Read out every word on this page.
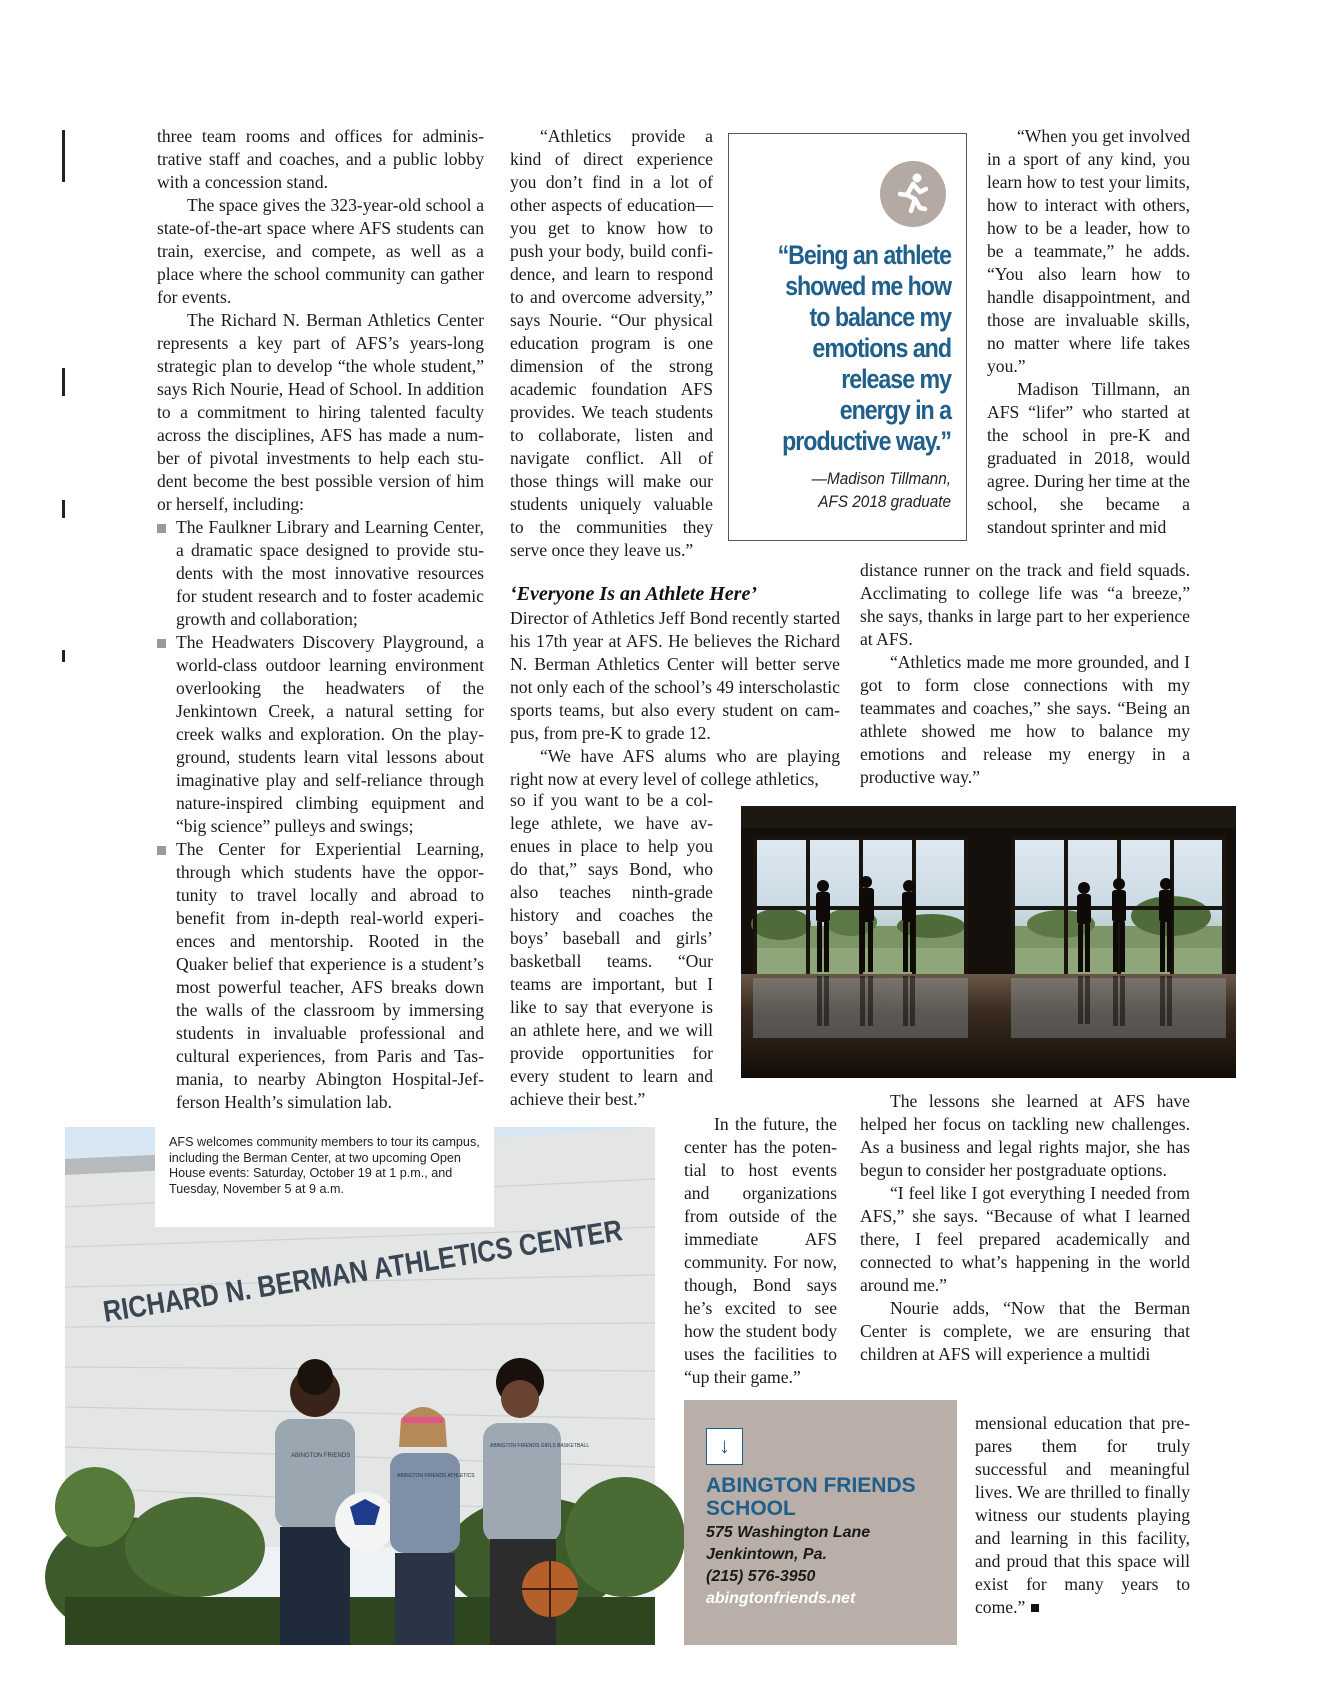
three team rooms and offices for administrative staff and coaches, and a public lobby with a concession stand.

The space gives the 323-year-old school a state-of-the-art space where AFS students can train, exercise, and compete, as well as a place where the school community can gather for events.

The Richard N. Berman Athletics Center represents a key part of AFS’s years-long strategic plan to develop “the whole student,” says Rich Nourie, Head of School. In addition to a commitment to hiring talented faculty across the disciplines, AFS has made a number of pivotal investments to help each student become the best possible version of him or herself, including:

The Faulkner Library and Learning Center, a dramatic space designed to provide students with the most innovative resources for student research and to foster academic growth and collaboration;
The Headwaters Discovery Playground, a world-class outdoor learning environment overlooking the headwaters of the Jenkintown Creek, a natural setting for creek walks and exploration. On the playground, students learn vital lessons about imaginative play and self-reliance through nature-inspired climbing equipment and “big science” pulleys and swings;
The Center for Experiential Learning, through which students have the opportunity to travel locally and abroad to benefit from in-depth real-world experiences and mentorship. Rooted in the Quaker belief that experience is a student’s most powerful teacher, AFS breaks down the walls of the classroom by immersing students in invaluable professional and cultural experiences, from Paris and Tasmania, to nearby Abington Hospital-Jefferson Health’s simulation lab.

“Athletics provide a kind of direct experience you don’t find in a lot of other aspects of education—you get to know how to push your body, build confidence, and learn to respond to and overcome adversity,” says Nourie. “Our physical education program is one dimension of the strong academic foundation AFS provides. We teach students to collaborate, listen and navigate conflict. All of those things will make our students uniquely valuable to the communities they serve once they leave us.”

‘Everyone Is an Athlete Here’

Director of Athletics Jeff Bond recently started his 17th year at AFS. He believes the Richard N. Berman Athletics Center will better serve not only each of the school’s 49 interscholastic sports teams, but also every student on campus, from pre-K to grade 12.

“We have AFS alums who are playing right now at every level of college athletics,

so if you want to be a college athlete, we have avenues in place to help you do that,” says Bond, who also teaches ninth-grade history and coaches the boys’ baseball and girls’ basketball teams. “Our teams are important, but I like to say that everyone is an athlete here, and we will provide opportunities for every student to learn and achieve their best.”

“Being an athlete showed me how to balance my emotions and release my energy in a productive way.”
—Madison Tillmann,
AFS 2018 graduate

“When you get involved in a sport of any kind, you learn how to test your limits, how to interact with others, how to be a leader, how to be a teammate,” he adds. “You also learn how to handle disappointment, and those are invaluable skills, no matter where life takes you.”

Madison Tillmann, an AFS “lifer” who started at the school in pre-K and graduated in 2018, would agree. During her time at the school, she became a standout sprinter and mid

distance runner on the track and field squads. Acclimating to college life was “a breeze,” she says, thanks in large part to her experience at AFS.

“Athletics made me more grounded, and I got to form close connections with my teammates and coaches,” she says. “Being an athlete showed me how to balance my emotions and release my energy in a productive way.”

The lessons she learned at AFS have helped her focus on tackling new challenges. As a business and legal rights major, she has begun to consider her postgraduate options.

“I feel like I got everything I needed from AFS,” she says. “Because of what I learned there, I feel prepared academically and connected to what’s happening in the world around me.”

Nourie adds, “Now that the Berman Center is complete, we are ensuring that children at AFS will experience a multidi

mensional education that prepares them for truly successful and meaningful lives. We are thrilled to finally witness our students playing and learning in this facility, and proud that this space will exist for many years to come.”

In the future, the center has the potential to host events and organizations from outside of the immediate AFS community. For now, though, Bond says he’s excited to see how the student body uses the facilities to “up their game.”

RICHARD N. BERMAN ATHLETICS CENTER
ABINGTON FRIENDS
ABINGTON FRIENDS ATHLETICS
ABINGTON FRIENDS GIRLS BASKETBALL
AFS welcomes community members to tour its campus, including the Berman Center, at two upcoming Open House events: Saturday, October 19 at 1 p.m., and Tuesday, November 5 at 9 a.m.
↓
ABINGTON FRIENDS SCHOOL
575 Washington Lane
Jenkintown, Pa.
(215) 576-3950
abingtonfriends.net
